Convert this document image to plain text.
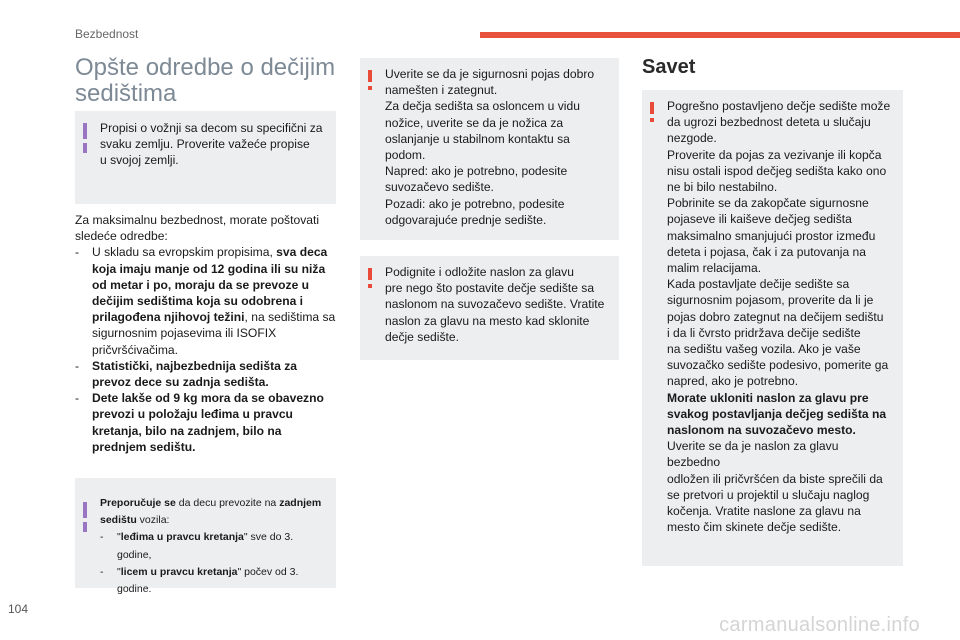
Bezbednost
Opšte odredbe o dečijim sedištima

Propisi o vožnji sa decom su specifični za

svaku zemlju. Proverite važeće propise

u svojoj zemlji.

Za maksimalnu bezbednost, morate poštovati

sledeće odredbe:

- U skladu sa evropskim propisima, sva deca koja imaju manje od 12 godina ili su niža od metar i po, moraju da se prevoze u dečijim sedištima koja su odobrena i prilagođena njihovoj težini, na sedištima sa sigurnosnim pojasevima ili ISOFIX pričvršćivačima.
- Statistički, najbezbednija sedišta za prevoz dece su zadnja sedišta.
- Dete lakše od 9 kg mora da se obavezno prevozi u položaju leđima u pravcu kretanja, bilo na zadnjem, bilo na prednjem sedištu.

Preporučuje se da decu prevozite na zadnjem sedištu vozila:

- "leđima u pravcu kretanja" sve do 3. godine,
- "licem u pravcu kretanja" počev od 3. godine.

Uverite se da je sigurnosni pojas dobro

namešten i zategnut.

Za dečja sedišta sa osloncem u vidu

nožice, uverite se da je nožica za

oslanjanje u stabilnom kontaktu sa podom.

Napred: ako je potrebno, podesite

suvozačevo sedište.

Pozadi: ako je potrebno, podesite

odgovarajuće prednje sedište.

Podignite i odložite naslon za glavu

pre nego što postavite dečje sedište sa

naslonom na suvozačevo sedište. Vratite

naslon za glavu na mesto kad sklonite

dečje sedište.

Savet

Pogrešno postavljeno dečje sedište može

da ugrozi bezbednost deteta u slučaju

nezgode.

Proverite da pojas za vezivanje ili kopča

nisu ostali ispod dečjeg sedišta kako ono

ne bi bilo nestabilno.

Pobrinite se da zakopčate sigurnosne

pojaseve ili kaiševe dečjeg sedišta

maksimalno smanjujući prostor između

deteta i pojasa, čak i za putovanja na

malim relacijama.

Kada postavljate dečije sedište sa

sigurnosnim pojasom, proverite da li je

pojas dobro zategnut na dečijem sedištu

i da li čvrsto pridržava dečije sedište

na sedištu vašeg vozila. Ako je vaše

suvozačko sedište podesivo, pomerite ga

napred, ako je potrebno.

Morate ukloniti naslon za glavu pre

svakog postavljanja dečjeg sedišta na

naslonom na suvozačevo mesto.

Uverite se da je naslon za glavu bezbedno

odložen ili pričvršćen da biste sprečili da

se pretvori u projektil u slučaju naglog

kočenja. Vratite naslone za glavu na

mesto čim skinete dečje sedište.

104
carmanualsonline.info
